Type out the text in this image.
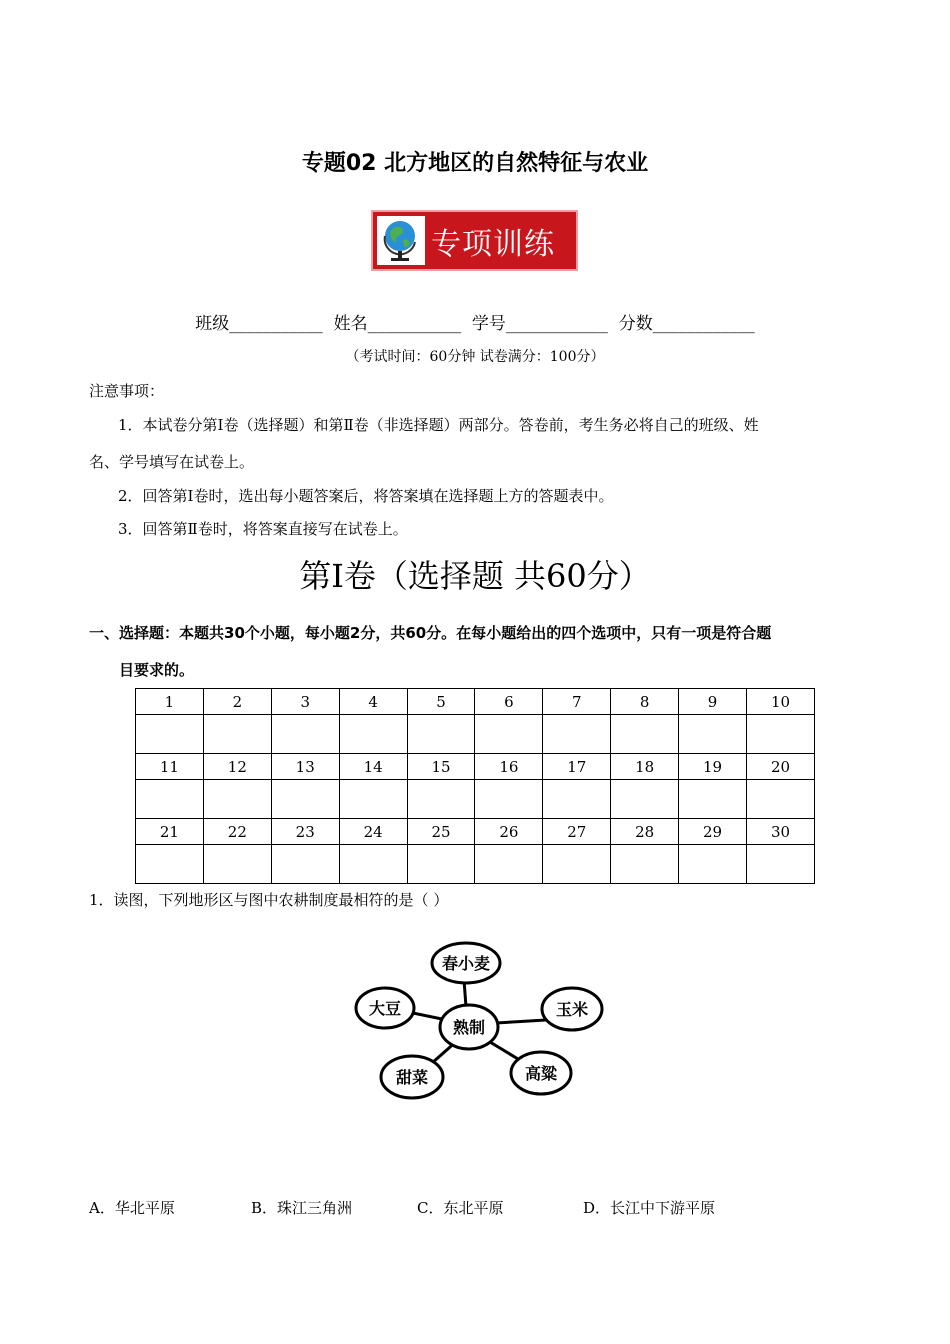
专题02 北方地区的自然特征与农业
专项训练
班级___________  姓名___________  学号____________  分数____________
（考试时间：60分钟 试卷满分：100分）
注意事项：
1．本试卷分第Ⅰ卷（选择题）和第Ⅱ卷（非选择题）两部分。答卷前，考生务必将自己的班级、姓
名、学号填写在试卷上。
2．回答第Ⅰ卷时，选出每小题答案后，将答案填在选择题上方的答题表中。
3．回答第Ⅱ卷时，将答案直接写在试卷上。
第Ⅰ卷（选择题 共60分）
一、选择题：本题共30个小题，每小题2分，共60分。在每小题给出的四个选项中，只有一项是符合题
目要求的。
1	2	3	4	5	6	7	8	9	10

11	12	13	14	15	16	17	18	19	20

21	22	23	24	25	26	27	28	29	30

1．读图，下列地形区与图中农耕制度最相符的是（ ）
熟制
春小麦
玉米
高粱
甜菜
大豆
A．华北平原	B．珠江三角洲	C．东北平原	D．长江中下游平原
